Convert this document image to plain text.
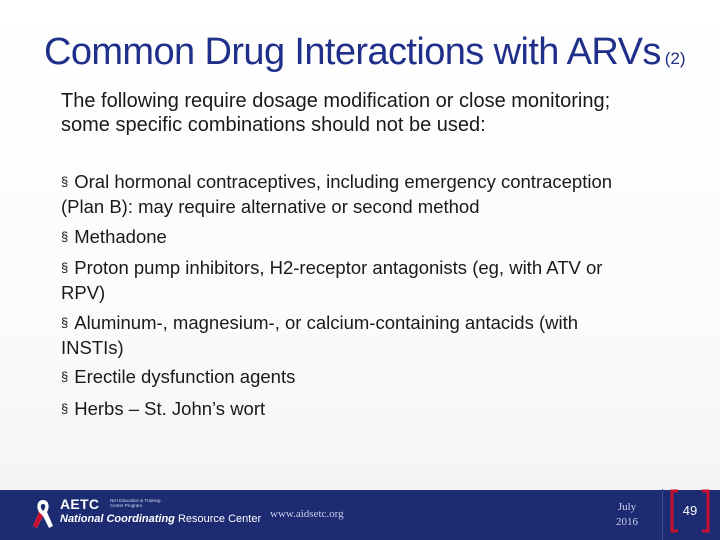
Common Drug Interactions with ARVs (2)
The following require dosage modification or close monitoring; some specific combinations should not be used:
§ Oral hormonal contraceptives, including emergency contraception (Plan B): may require alternative or second method
§ Methadone
§ Proton pump inhibitors, H2-receptor antagonists (eg, with ATV or RPV)
§ Aluminum-, magnesium-, or calcium-containing antacids (with INSTIs)
§ Erectile dysfunction agents
§ Herbs – St. John’s wort
AETC NIH Education & Training Center Program
National Coordinating Resource Center www.aidsetc.org
July
2016
49
